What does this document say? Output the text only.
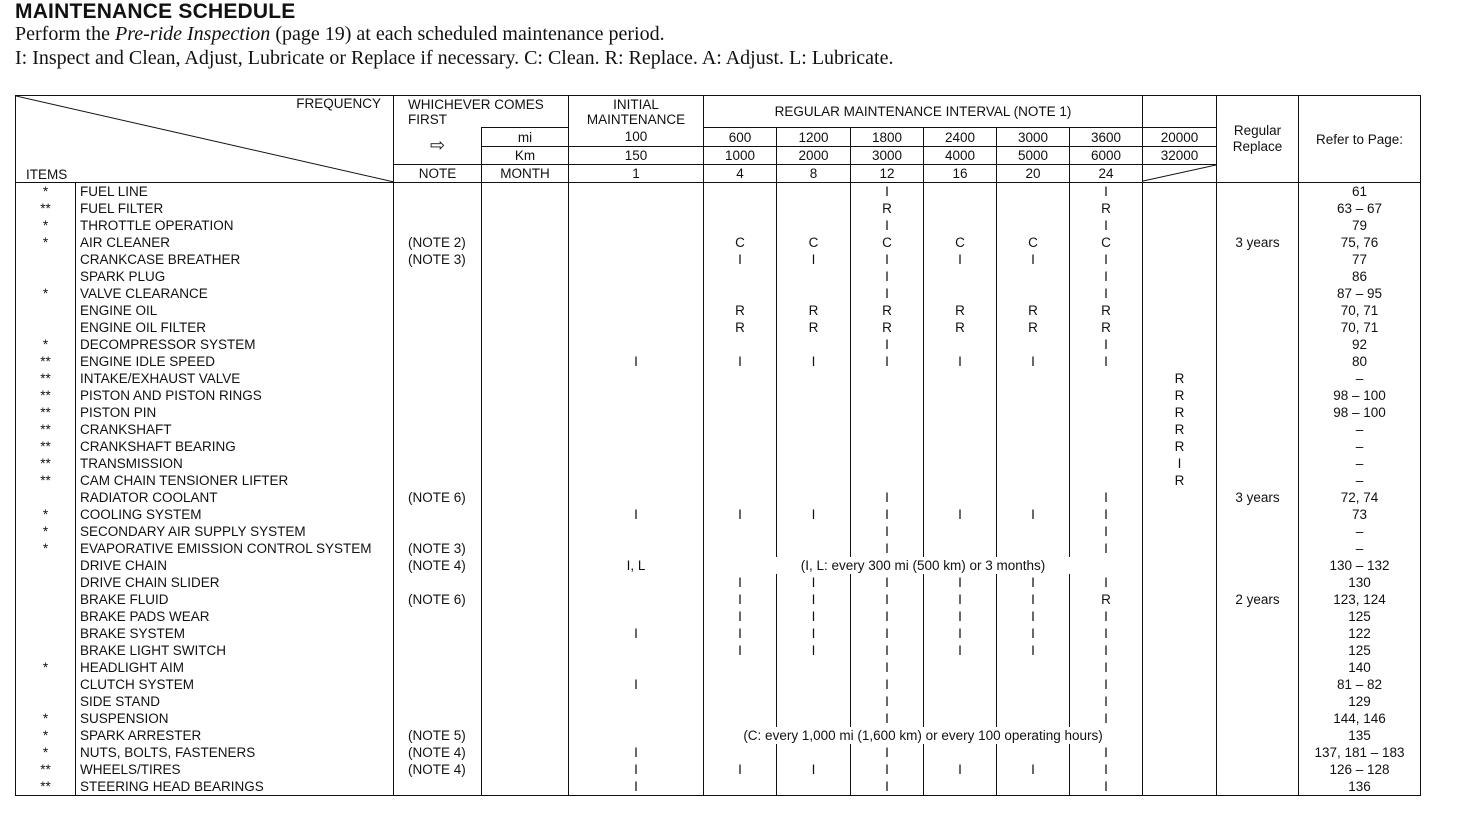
MAINTENANCE SCHEDULE
Perform the Pre-ride Inspection (page 19) at each scheduled maintenance period.
I: Inspect and Clean, Adjust, Lubricate or Replace if necessary. C: Clean. R: Replace. A: Adjust. L: Lubricate.
FREQUENCY
ITEMS		WHICHEVER COMES FIRST		INITIAL MAINTENANCE	REGULAR MAINTENANCE INTERVAL (NOTE 1)							Regular Replace	Refer to Page:
		⇨	mi	100	600	1200	1800	2400	3000	3600	20000		
			Km	150	1000	2000	3000	4000	5000	6000	32000		
		NOTE	MONTH	1	4	8	12	16	20	24	

*	FUEL LINE						I			I			61
**	FUEL FILTER						R			R			63 – 67
*	THROTTLE OPERATION						I			I			79
*	AIR CLEANER	(NOTE 2)			C	C	C	C	C	C		3 years	75, 76
	CRANKCASE BREATHER	(NOTE 3)			I	I	I	I	I	I			77
	SPARK PLUG						I			I			86
*	VALVE CLEARANCE						I			I			87 – 95
	ENGINE OIL				R	R	R	R	R	R			70, 71
	ENGINE OIL FILTER				R	R	R	R	R	R			70, 71
*	DECOMPRESSOR SYSTEM						I			I			92
**	ENGINE IDLE SPEED			I	I	I	I	I	I	I			80
**	INTAKE/EXHAUST VALVE										R		–
**	PISTON AND PISTON RINGS										R		98 – 100
**	PISTON PIN										R		98 – 100
**	CRANKSHAFT										R		–
**	CRANKSHAFT BEARING										R		–
**	TRANSMISSION										I		–
**	CAM CHAIN TENSIONER LIFTER										R		–
	RADIATOR COOLANT	(NOTE 6)					I			I		3 years	72, 74
*	COOLING SYSTEM			I	I	I	I	I	I	I			73
*	SECONDARY AIR SUPPLY SYSTEM						I			I			–
*	EVAPORATIVE EMISSION CONTROL SYSTEM	(NOTE 3)					I			I			–
	DRIVE CHAIN	(NOTE 4)		I, L	(I, L: every 300 mi (500 km) or 3 months)								130 – 132
	DRIVE CHAIN SLIDER				I	I	I	I	I	I			130
	BRAKE FLUID	(NOTE 6)			I	I	I	I	I	R		2 years	123, 124
	BRAKE PADS WEAR				I	I	I	I	I	I			125
	BRAKE SYSTEM			I	I	I	I	I	I	I			122
	BRAKE LIGHT SWITCH				I	I	I	I	I	I			125
*	HEADLIGHT AIM						I			I			140
	CLUTCH SYSTEM			I			I			I			81 – 82
	SIDE STAND						I			I			129
*	SUSPENSION						I			I			144, 146
*	SPARK ARRESTER	(NOTE 5)			(C: every 1,000 mi (1,600 km) or every 100 operating hours)								135
*	NUTS, BOLTS, FASTENERS	(NOTE 4)		I			I			I			137, 181 – 183
**	WHEELS/TIRES	(NOTE 4)		I	I	I	I	I	I	I			126 – 128
**	STEERING HEAD BEARINGS			I			I			I			136
